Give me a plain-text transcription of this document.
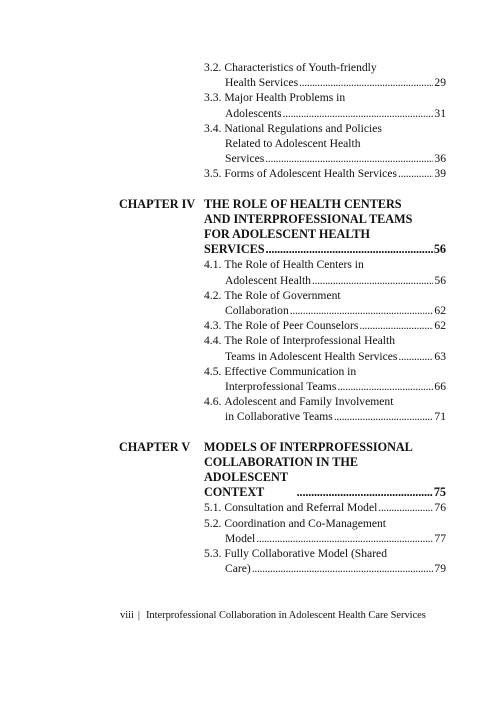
3.2. Characteristics of Youth-friendly
Health Services . . .	29
3.3. Major Health Problems in
Adolescents . . .	31
3.4. National Regulations and Policies
Related to Adolescent Health
Services . . .	36
3.5. Forms of Adolescent Health Services . . .	39
CHAPTER IV THE ROLE OF HEALTH CENTERS
AND INTERPROFESSIONAL TEAMS
FOR ADOLESCENT HEALTH
SERVICES . . .	56
4.1. The Role of Health Centers in
Adolescent Health . . .	56
4.2. The Role of Government
Collaboration . . .	62
4.3. The Role of Peer Counselors . . .	62
4.4. The Role of Interprofessional Health
Teams in Adolescent Health Services . . .	63
4.5. Effective Communication in
Interprofessional Teams . . .	66
4.6. Adolescent and Family Involvement
in Collaborative Teams . . .	71
CHAPTER V MODELS OF INTERPROFESSIONAL
COLLABORATION IN THE
ADOLESCENT CONTEXT . . .	75
5.1. Consultation and Referral Model . . .	76
5.2. Coordination and Co-Management
Model . . .	77
5.3. Fully Collaborative Model (Shared
Care) . . .	79
viii | Interprofessional Collaboration in Adolescent Health Care Services
